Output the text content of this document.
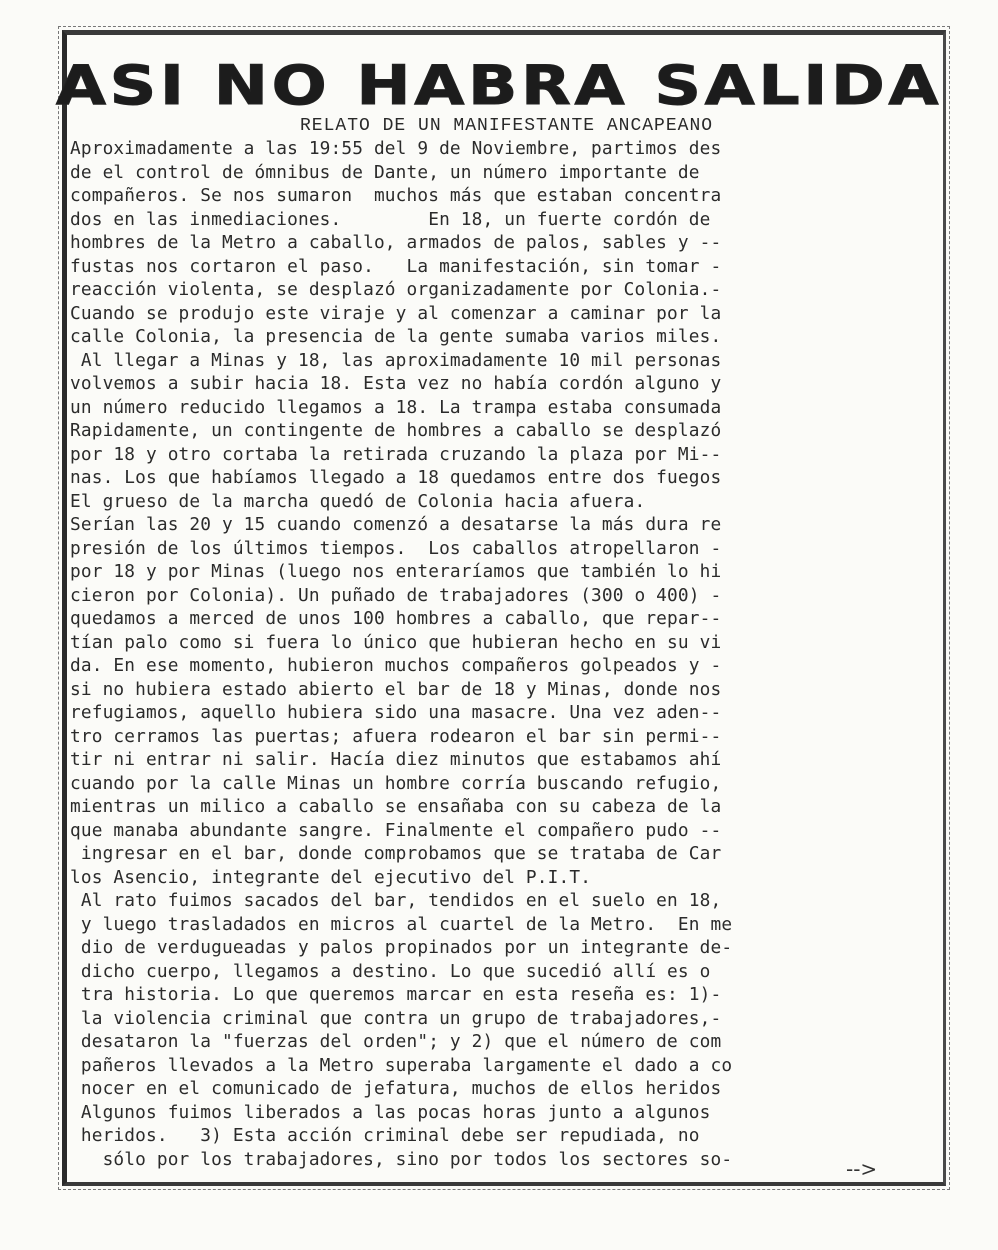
ASI NO HABRA SALIDA
RELATO DE UN MANIFESTANTE ANCAPEANO
Aproximadamente a las 19:55 del 9 de Noviembre, partimos des
de el control de ómnibus de Dante, un número importante de
compañeros. Se nos sumaron  muchos más que estaban concentra
dos en las inmediaciones.        En 18, un fuerte cordón de
hombres de la Metro a caballo, armados de palos, sables y --
fustas nos cortaron el paso.   La manifestación, sin tomar -
reacción violenta, se desplazó organizadamente por Colonia.-
Cuando se produjo este viraje y al comenzar a caminar por la
calle Colonia, la presencia de la gente sumaba varios miles.
Al llegar a Minas y 18, las aproximadamente 10 mil personas
volvemos a subir hacia 18. Esta vez no había cordón alguno y
un número reducido llegamos a 18. La trampa estaba consumada
Rapidamente, un contingente de hombres a caballo se desplazó
por 18 y otro cortaba la retirada cruzando la plaza por Mi--
nas. Los que habíamos llegado a 18 quedamos entre dos fuegos
El grueso de la marcha quedó de Colonia hacia afuera.
Serían las 20 y 15 cuando comenzó a desatarse la más dura re
presión de los últimos tiempos.  Los caballos atropellaron -
por 18 y por Minas (luego nos enteraríamos que también lo hi
cieron por Colonia). Un puñado de trabajadores (300 o 400) -
quedamos a merced de unos 100 hombres a caballo, que repar--
tían palo como si fuera lo único que hubieran hecho en su vi
da. En ese momento, hubieron muchos compañeros golpeados y -
si no hubiera estado abierto el bar de 18 y Minas, donde nos
refugiamos, aquello hubiera sido una masacre. Una vez aden--
tro cerramos las puertas; afuera rodearon el bar sin permi--
tir ni entrar ni salir. Hacía diez minutos que estabamos ahí
cuando por la calle Minas un hombre corría buscando refugio,
mientras un milico a caballo se ensañaba con su cabeza de la
que manaba abundante sangre. Finalmente el compañero pudo --
ingresar en el bar, donde comprobamos que se trataba de Car
los Asencio, integrante del ejecutivo del P.I.T.
Al rato fuimos sacados del bar, tendidos en el suelo en 18,
y luego trasladados en micros al cuartel de la Metro.  En me
dio de verdugueadas y palos propinados por un integrante de-
dicho cuerpo, llegamos a destino. Lo que sucedió allí es o
tra historia. Lo que queremos marcar en esta reseña es: 1)-
la violencia criminal que contra un grupo de trabajadores,-
desataron la "fuerzas del orden"; y 2) que el número de com
pañeros llevados a la Metro superaba largamente el dado a co
nocer en el comunicado de jefatura, muchos de ellos heridos
Algunos fuimos liberados a las pocas horas junto a algunos
heridos.   3) Esta acción criminal debe ser repudiada, no
sólo por los trabajadores, sino por todos los sectores so-	-->
